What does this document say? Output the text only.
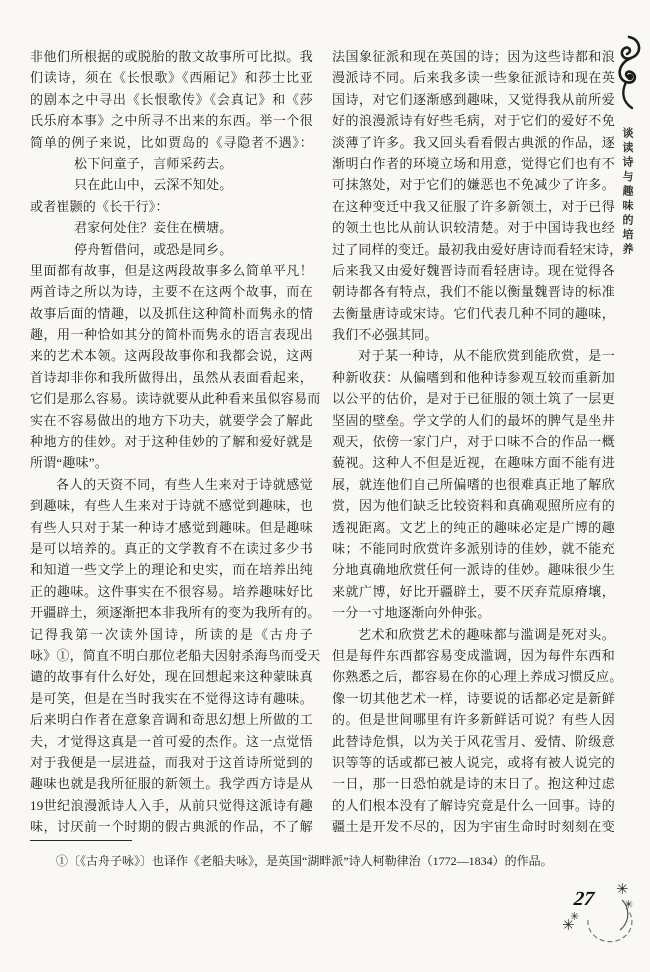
非他们所根据的或脱胎的散文故事所可比拟。我
们读诗，须在《长恨歌》《西厢记》和莎士比亚
的剧本之中寻出《长恨歌传》《会真记》和《莎
氏乐府本事》之中所寻不出来的东西。举一个很
简单的例子来说，比如贾岛的《寻隐者不遇》：
松下问童子，言师采药去。
只在此山中，云深不知处。
或者崔颢的《长干行》：
君家何处住？妾住在横塘。
停舟暂借问，或恐是同乡。
里面都有故事，但是这两段故事多么简单平凡！
两首诗之所以为诗，主要不在这两个故事，而在
故事后面的情趣，以及抓住这种简朴而隽永的情
趣，用一种恰如其分的简朴而隽永的语言表现出
来的艺术本领。这两段故事你和我都会说，这两
首诗却非你和我所做得出，虽然从表面看起来，
它们是那么容易。读诗就要从此种看来虽似容易而
实在不容易做出的地方下功夫，就要学会了解此
种地方的佳妙。对于这种佳妙的了解和爱好就是
所谓“趣味”。
各人的天资不同，有些人生来对于诗就感觉
到趣味，有些人生来对于诗就不感觉到趣味，也
有些人只对于某一种诗才感觉到趣味。但是趣味
是可以培养的。真正的文学教育不在读过多少书
和知道一些文学上的理论和史实，而在培养出纯
正的趣味。这件事实在不很容易。培养趣味好比
开疆辟土，须逐渐把本非我所有的变为我所有的。
记得我第一次读外国诗，所读的是《古舟子
咏》①，简直不明白那位老船夫因射杀海鸟而受天
谴的故事有什么好处，现在回想起来这种蒙昧真
是可笑，但是在当时我实在不觉得这诗有趣味。
后来明白作者在意象音调和奇思幻想上所做的工
夫，才觉得这真是一首可爱的杰作。这一点觉悟
对于我便是一层进益，而我对于这首诗所觉到的
趣味也就是我所征服的新领土。我学西方诗是从
19世纪浪漫派诗人入手，从前只觉得这派诗有趣
味，讨厌前一个时期的假古典派的作品，不了解
法国象征派和现在英国的诗；因为这些诗都和浪
漫派诗不同。后来我多读一些象征派诗和现在英
国诗，对它们逐渐感到趣味，又觉得我从前所爱
好的浪漫派诗有好些毛病，对于它们的爱好不免
淡薄了许多。我又回头看看假古典派的作品，逐
渐明白作者的环境立场和用意，觉得它们也有不
可抹煞处，对于它们的嫌恶也不免减少了许多。
在这种变迁中我又征服了许多新领土，对于已得
的领土也比从前认识较清楚。对于中国诗我也经
过了同样的变迁。最初我由爱好唐诗而看轻宋诗，
后来我又由爱好魏晋诗而看轻唐诗。现在觉得各
朝诗都各有特点，我们不能以衡量魏晋诗的标准
去衡量唐诗或宋诗。它们代表几种不同的趣味，
我们不必强其同。
对于某一种诗，从不能欣赏到能欣赏，是一
种新收获：从偏嗜到和他种诗参观互较而重新加
以公平的估价，是对于已征服的领土筑了一层更
坚固的壁垒。学文学的人们的最坏的脾气是坐井
观天，依傍一家门户，对于口味不合的作品一概
藐视。这种人不但是近视，在趣味方面不能有进
展，就连他们自己所偏嗜的也很难真正地了解欣
赏，因为他们缺乏比较资料和真确观照所应有的
透视距离。文艺上的纯正的趣味必定是广博的趣
味；不能同时欣赏许多派别诗的佳妙，就不能充
分地真确地欣赏任何一派诗的佳妙。趣味很少生
来就广博，好比开疆辟土，要不厌弃荒原瘠壤，
一分一寸地逐渐向外伸张。
艺术和欣赏艺术的趣味都与滥调是死对头。
但是每件东西都容易变成滥调，因为每件东西和
你熟悉之后，都容易在你的心理上养成习惯反应。
像一切其他艺术一样，诗要说的话都必定是新鲜
的。但是世间哪里有许多新鲜话可说？有些人因
此替诗危惧，以为关于风花雪月、爱情、阶级意
识等等的话或都已被人说完，或将有被人说完的
一日，那一日恐怕就是诗的末日了。抱这种过虑
的人们根本没有了解诗究竟是什么一回事。诗的
疆土是开发不尽的，因为宇宙生命时时刻刻在变
①〔《古舟子咏》〕也译作《老船夫咏》，是英国“湖畔派”诗人柯勒律治（1772—1834）的作品。
谈读诗与趣味的培养
✳
✳
✳
✳
27
